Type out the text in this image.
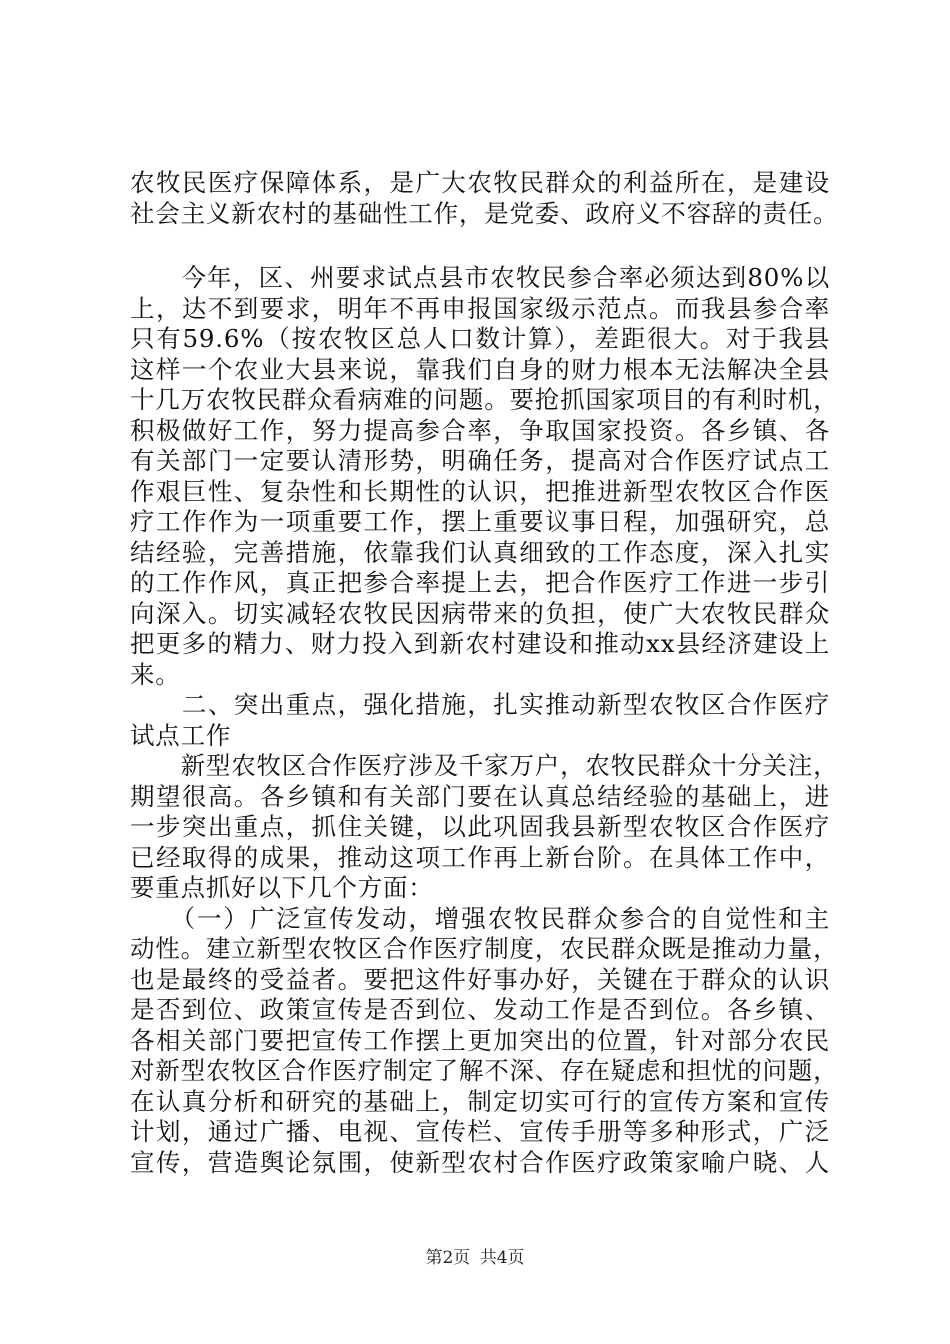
农牧民医疗保障体系，是广大农牧民群众的利益所在，是建设
社会主义新农村的基础性工作，是党委、政府义不容辞的责任。
　　今年，区、州要求试点县市农牧民参合率必须达到80%以
上，达不到要求，明年不再申报国家级示范点。而我县参合率
只有59.6%（按农牧区总人口数计算），差距很大。对于我县
这样一个农业大县来说，靠我们自身的财力根本无法解决全县
十几万农牧民群众看病难的问题。要抢抓国家项目的有利时机，
积极做好工作，努力提高参合率，争取国家投资。各乡镇、各
有关部门一定要认清形势，明确任务，提高对合作医疗试点工
作艰巨性、复杂性和长期性的认识，把推进新型农牧区合作医
疗工作作为一项重要工作，摆上重要议事日程，加强研究，总
结经验，完善措施，依靠我们认真细致的工作态度，深入扎实
的工作作风，真正把参合率提上去，把合作医疗工作进一步引
向深入。切实减轻农牧民因病带来的负担，使广大农牧民群众
把更多的精力、财力投入到新农村建设和推动xx县经济建设上
来。
　　二、突出重点，强化措施，扎实推动新型农牧区合作医疗
试点工作
　　新型农牧区合作医疗涉及千家万户，农牧民群众十分关注，
期望很高。各乡镇和有关部门要在认真总结经验的基础上，进
一步突出重点，抓住关键，以此巩固我县新型农牧区合作医疗
已经取得的成果，推动这项工作再上新台阶。在具体工作中，
要重点抓好以下几个方面：
　　（一）广泛宣传发动，增强农牧民群众参合的自觉性和主
动性。建立新型农牧区合作医疗制度，农民群众既是推动力量，
也是最终的受益者。要把这件好事办好，关键在于群众的认识
是否到位、政策宣传是否到位、发动工作是否到位。各乡镇、
各相关部门要把宣传工作摆上更加突出的位置，针对部分农民
对新型农牧区合作医疗制定了解不深、存在疑虑和担忧的问题，
在认真分析和研究的基础上，制定切实可行的宣传方案和宣传
计划，通过广播、电视、宣传栏、宣传手册等多种形式，广泛
宣传，营造舆论氛围，使新型农村合作医疗政策家喻户晓、人
第2页 共4页
